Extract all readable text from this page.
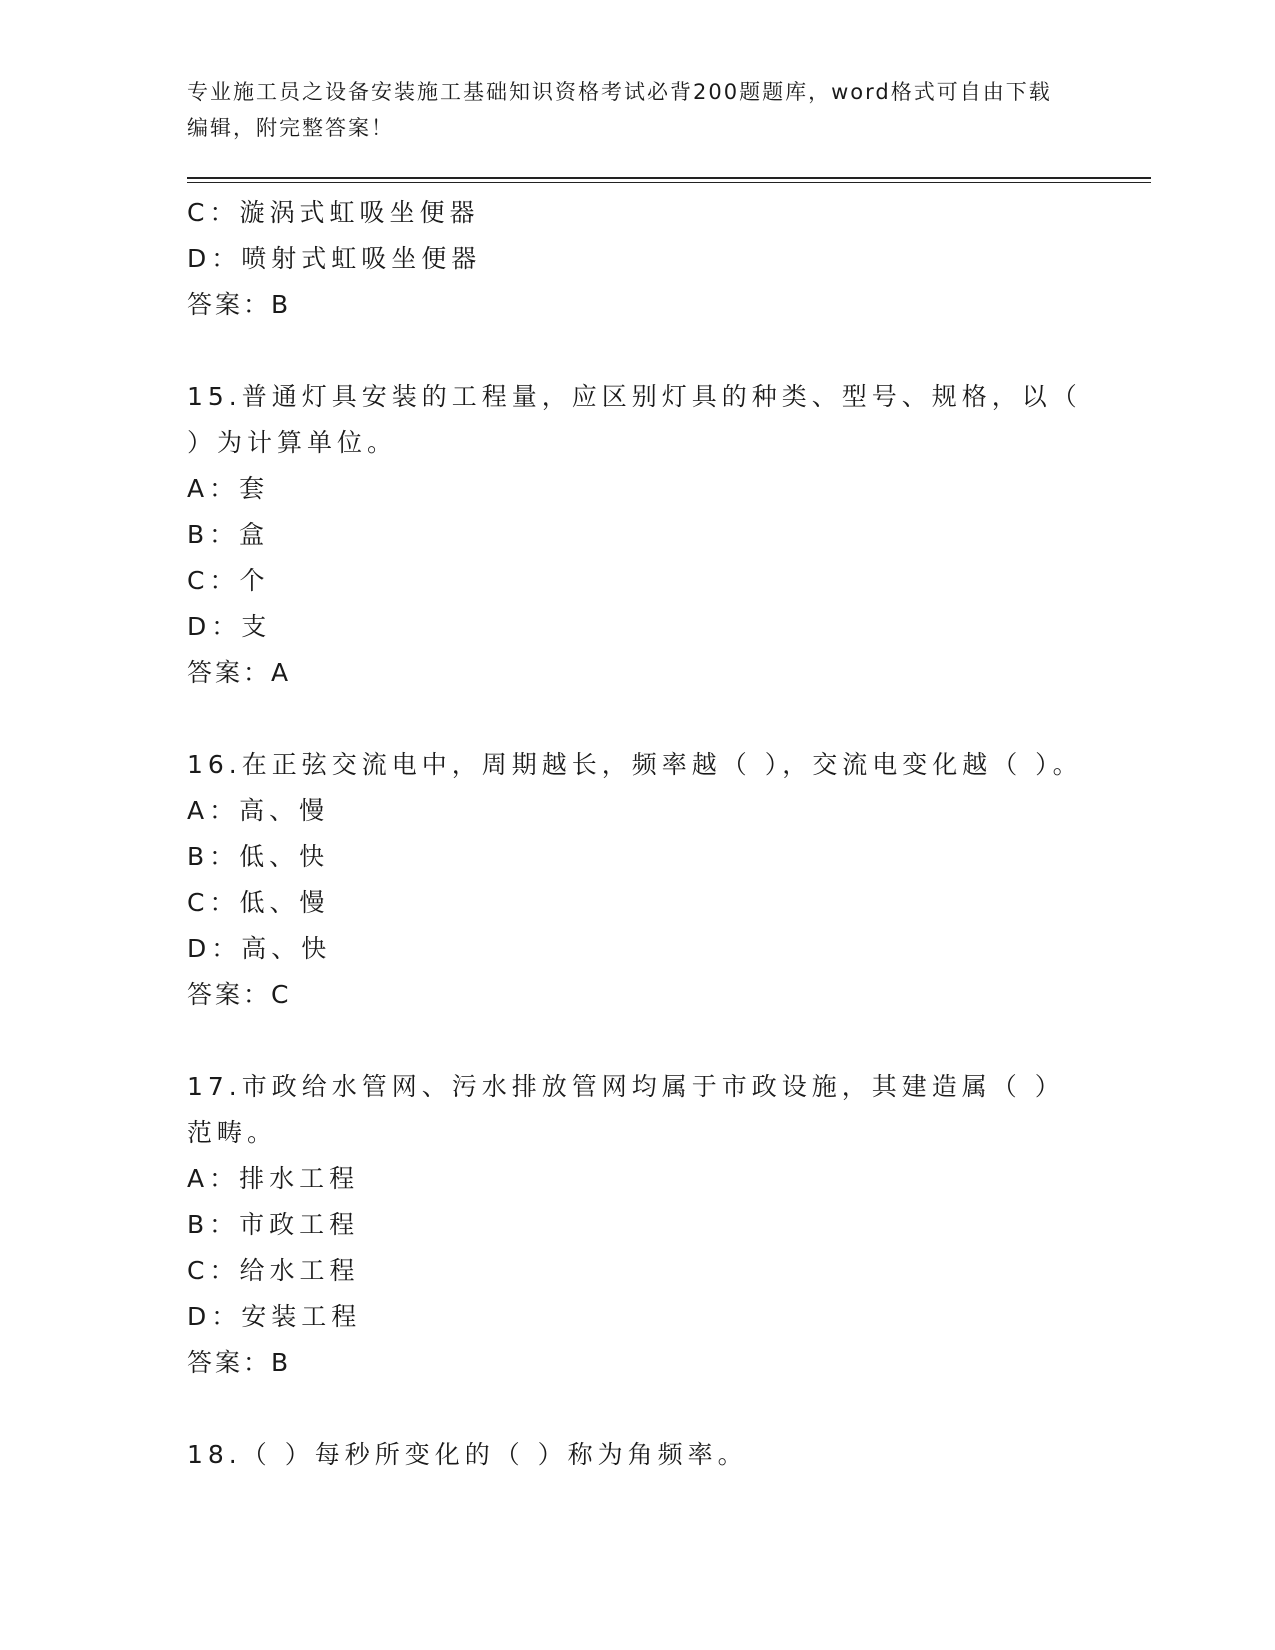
专业施工员之设备安装施工基础知识资格考试必背200题题库，word格式可自由下载编辑，附完整答案！
C：漩涡式虹吸坐便器
D：喷射式虹吸坐便器
答案：B
15.普通灯具安装的工程量，应区别灯具的种类、型号、规格，以（ ）为计算单位。
A：套
B：盒
C：个
D：支
答案：A
16.在正弦交流电中，周期越长，频率越（ ），交流电变化越（ ）。
A：高、慢
B：低、快
C：低、慢
D：高、快
答案：C
17.市政给水管网、污水排放管网均属于市政设施，其建造属（ ）范畴。
A：排水工程
B：市政工程
C：给水工程
D：安装工程
答案：B
18.（ ）每秒所变化的（ ）称为角频率。
